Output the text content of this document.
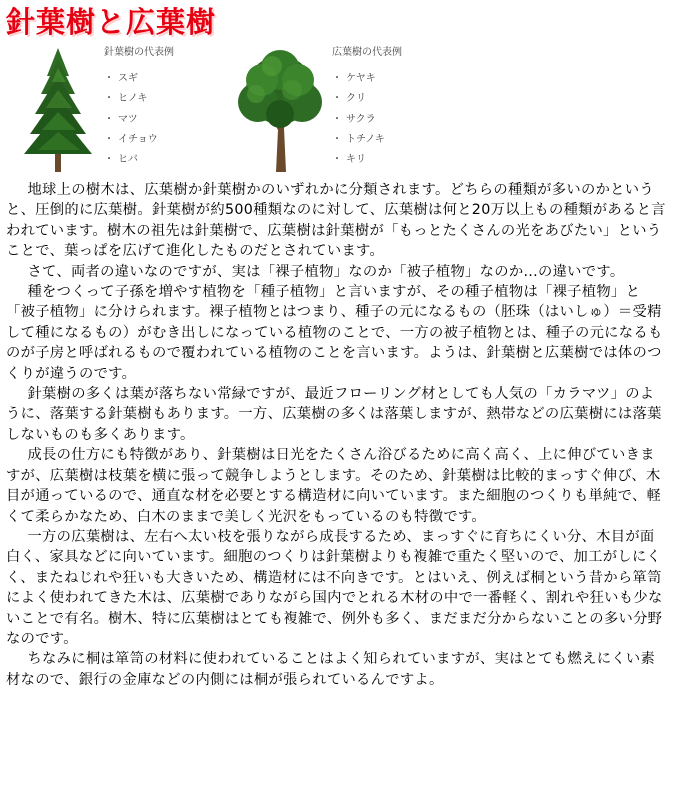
針葉樹と広葉樹
針葉樹の代表例
・ スギ
・ ヒノキ
・ マツ
・ イチョウ
・ ヒバ
広葉樹の代表例
・ ケヤキ
・ クリ
・ サクラ
・ トチノキ
・ キリ

地球上の樹木は、広葉樹か針葉樹かのいずれかに分類されます。どちらの種類が多いのかというと、圧倒的に広葉樹。針葉樹が約500種類なのに対して、広葉樹は何と20万以上もの種類があると言われています。樹木の祖先は針葉樹で、広葉樹は針葉樹が「もっとたくさんの光をあびたい」ということで、葉っぱを広げて進化したものだとされています。

さて、両者の違いなのですが、実は「裸子植物」なのか「被子植物」なのか...の違いです。

種をつくって子孫を増やす植物を「種子植物」と言いますが、その種子植物は「裸子植物」と「被子植物」に分けられます。裸子植物とはつまり、種子の元になるもの（胚珠（はいしゅ）＝受精して種になるもの）がむき出しになっている植物のことで、一方の被子植物とは、種子の元になるものが子房と呼ばれるもので覆われている植物のことを言います。ようは、針葉樹と広葉樹では体のつくりが違うのです。

針葉樹の多くは葉が落ちない常緑ですが、最近フローリング材としても人気の「カラマツ」のように、落葉する針葉樹もあります。一方、広葉樹の多くは落葉しますが、熱帯などの広葉樹には落葉しないものも多くあります。

成長の仕方にも特徴があり、針葉樹は日光をたくさん浴びるために高く高く、上に伸びていきますが、広葉樹は枝葉を横に張って競争しようとします。そのため、針葉樹は比較的まっすぐ伸び、木目が通っているので、通直な材を必要とする構造材に向いています。また細胞のつくりも単純で、軽くて柔らかなため、白木のままで美しく光沢をもっているのも特徴です。

一方の広葉樹は、左右へ太い枝を張りながら成長するため、まっすぐに育ちにくい分、木目が面白く、家具などに向いています。細胞のつくりは針葉樹よりも複雑で重たく堅いので、加工がしにくく、またねじれや狂いも大きいため、構造材には不向きです。とはいえ、例えば桐という昔から箪笥によく使われてきた木は、広葉樹でありながら国内でとれる木材の中で一番軽く、割れや狂いも少ないことで有名。樹木、特に広葉樹はとても複雑で、例外も多く、まだまだ分からないことの多い分野なのです。

ちなみに桐は箪笥の材料に使われていることはよく知られていますが、実はとても燃えにくい素材なので、銀行の金庫などの内側には桐が張られているんですよ。
